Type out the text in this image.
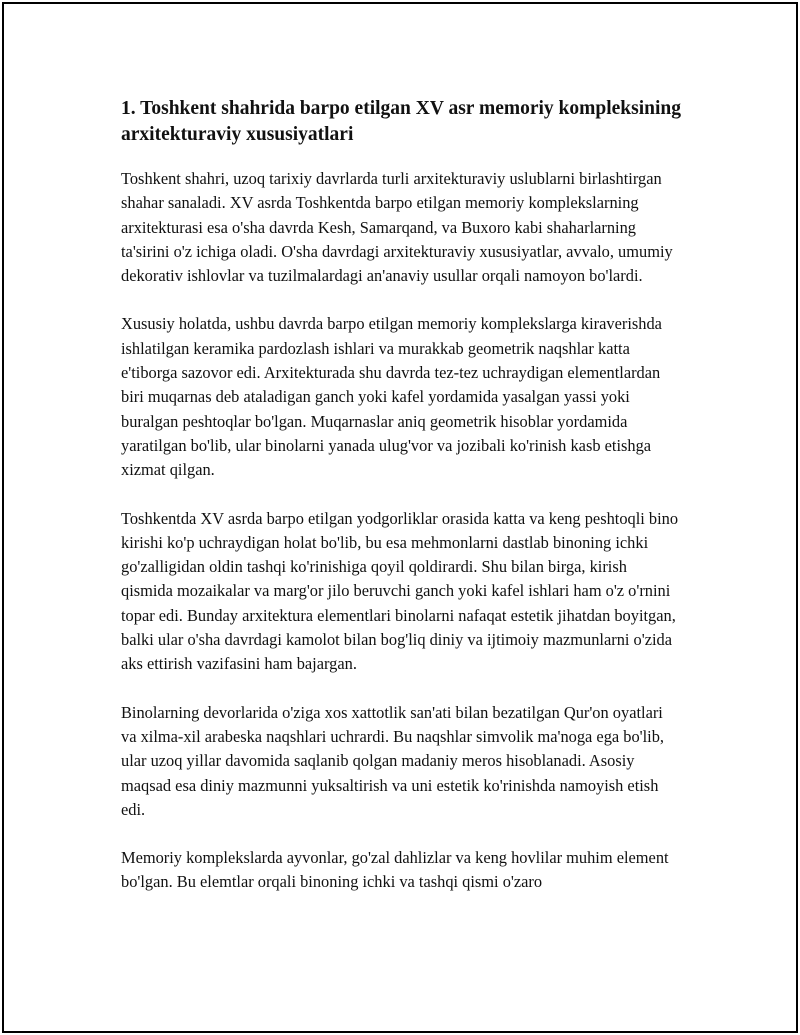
1. Toshkent shahrida barpo etilgan XV asr memoriy kompleksining arxitekturaviy xususiyatlari

Toshkent shahri, uzoq tarixiy davrlarda turli arxitekturaviy uslublarni birlashtirgan shahar sanaladi. XV asrda Toshkentda barpo etilgan memoriy komplekslarning arxitekturasi esa o'sha davrda Kesh, Samarqand, va Buxoro kabi shaharlarning ta'sirini o'z ichiga oladi. O'sha davrdagi arxitekturaviy xususiyatlar, avvalo, umumiy dekorativ ishlovlar va tuzilmalardagi an'anaviy usullar orqali namoyon bo'lardi.

Xususiy holatda, ushbu davrda barpo etilgan memoriy komplekslarga kiraverishda ishlatilgan keramika pardozlash ishlari va murakkab geometrik naqshlar katta e'tiborga sazovor edi. Arxitekturada shu davrda tez-tez uchraydigan elementlardan biri muqarnas deb ataladigan ganch yoki kafel yordamida yasalgan yassi yoki buralgan peshtoqlar bo'lgan. Muqarnaslar aniq geometrik hisoblar yordamida yaratilgan bo'lib, ular binolarni yanada ulug'vor va jozibali ko'rinish kasb etishga xizmat qilgan.

Toshkentda XV asrda barpo etilgan yodgorliklar orasida katta va keng peshtoqli bino kirishi ko'p uchraydigan holat bo'lib, bu esa mehmonlarni dastlab binoning ichki go'zalligidan oldin tashqi ko'rinishiga qoyil qoldirardi. Shu bilan birga, kirish qismida mozaikalar va marg'or jilo beruvchi ganch yoki kafel ishlari ham o'z o'rnini topar edi. Bunday arxitektura elementlari binolarni nafaqat estetik jihatdan boyitgan, balki ular o'sha davrdagi kamolot bilan bog'liq diniy va ijtimoiy mazmunlarni o'zida aks ettirish vazifasini ham bajargan.

Binolarning devorlarida o'ziga xos xattotlik san'ati bilan bezatilgan Qur'on oyatlari va xilma-xil arabeska naqshlari uchrardi. Bu naqshlar simvolik ma'noga ega bo'lib, ular uzoq yillar davomida saqlanib qolgan madaniy meros hisoblanadi. Asosiy maqsad esa diniy mazmunni yuksaltirish va uni estetik ko'rinishda namoyish etish edi.

Memoriy komplekslarda ayvonlar, go'zal dahlizlar va keng hovlilar muhim element bo'lgan. Bu elemtlar orqali binoning ichki va tashqi qismi o'zaro
